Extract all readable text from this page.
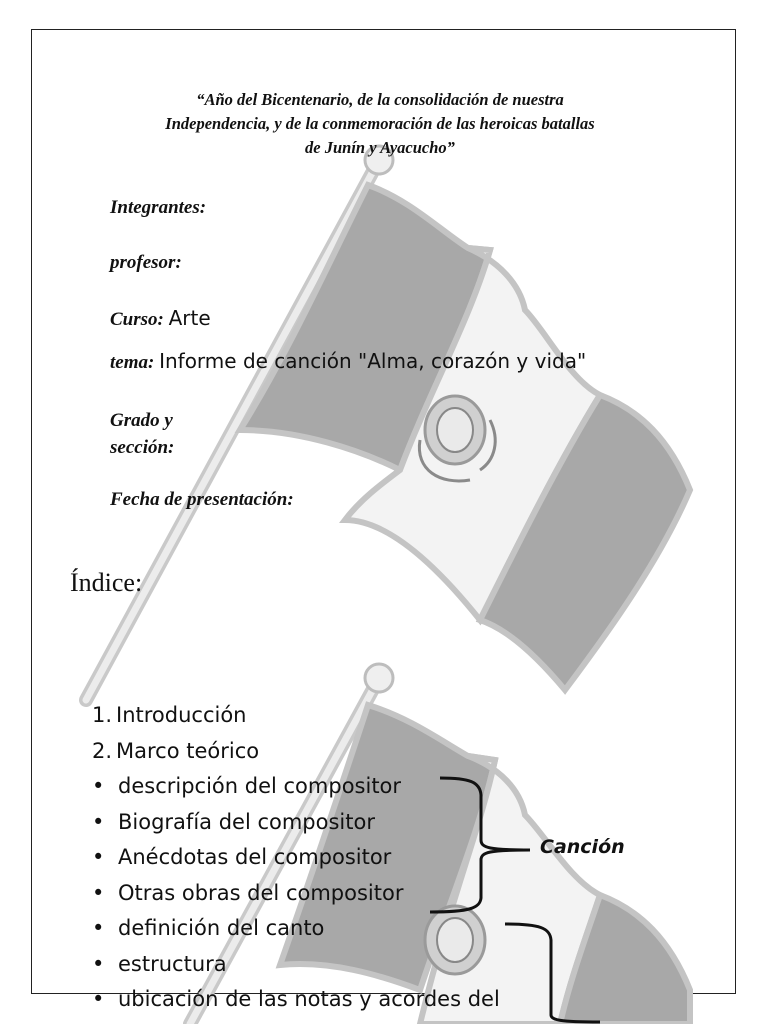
“Año del Bicentenario, de la consolidación de nuestra
Independencia, y de la conmemoración de las heroicas batallas
de Junín y Ayacucho”
Integrantes:
profesor:
Curso: Arte
tema: Informe de canción "Alma, corazón y vida"
Grado y
sección:
Fecha de presentación:
Índice:
1. Introducción
2. Marco teórico
• descripción del compositor
• Biografía del compositor
• Anécdotas del compositor
• Otras obras del compositor
• definición del canto
• estructura
• ubicación de las notas y acordes del
Canción
